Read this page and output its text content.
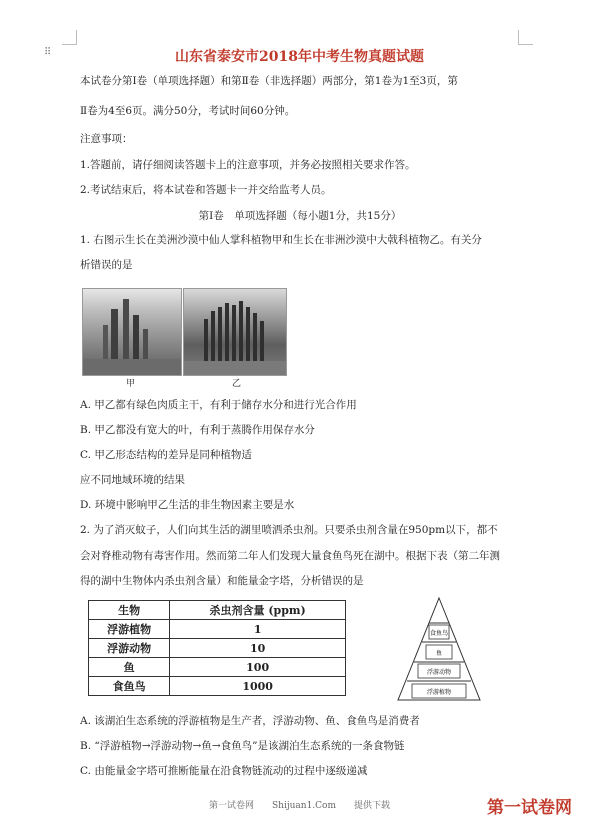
⠿	山东省泰安市2018年中考生物真题试题
本试卷分第Ⅰ卷（单项选择题）和第Ⅱ卷（非选择题）两部分，第1卷为1至3页，第
Ⅱ卷为4至6页。满分50分，考试时间60分钟。
注意事项：
1.答题前，请仔细阅读答题卡上的注意事项，并务必按照相关要求作答。
2.考试结束后，将本试卷和答题卡一并交给监考人员。
第Ⅰ卷　单项选择题（每小题1分，共15分）
1. 右图示生长在美洲沙漠中仙人掌科植物甲和生长在非洲沙漠中大戟科植物乙。有关分
析错误的是
甲	乙
A. 甲乙都有绿色肉质主干，有利于储存水分和进行光合作用
B. 甲乙都没有宽大的叶，有利于蒸腾作用保存水分
C. 甲乙形态结构的差异是同种植物适
应不同地域环境的结果
D. 环境中影响甲乙生活的非生物因素主要是水
2. 为了消灭蚊子，人们向其生活的湖里喷洒杀虫剂。只要杀虫剂含量在950pm以下，都不
会对脊椎动物有毒害作用。然而第二年人们发现大量食鱼鸟死在湖中。根据下表（第二年测
得的湖中生物体内杀虫剂含量）和能量金字塔，分析错误的是
生物	杀虫剂含量 (ppm)
浮游植物	1
浮游动物	10
鱼	100
食鱼鸟	1000
食鱼鸟
鱼
浮游动物
浮游植物
A. 该湖泊生态系统的浮游植物是生产者，浮游动物、鱼、食鱼鸟是消费者
B. “浮游植物→浮游动物→鱼→食鱼鸟”是该湖泊生态系统的一条食物链
C. 由能量金字塔可推断能量在沿食物链流动的过程中逐级递减
第一试卷网　　Shijuan1.Com　　提供下载	第一试卷网
